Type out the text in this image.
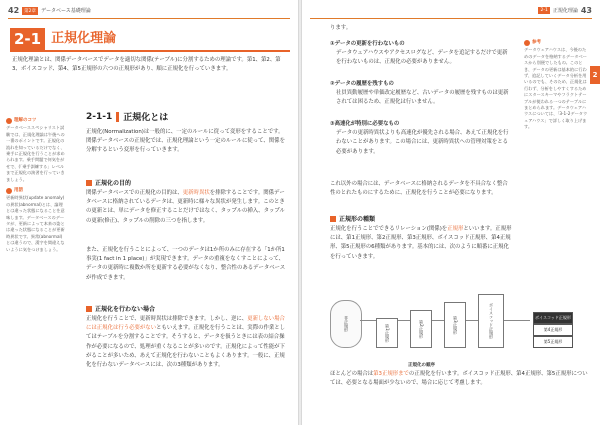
42	第2章	データベース基礎理論
2-1 正規化理論
正規化理論とは、関係データベースでデータを適切な関係(テーブル)に分割するための理論です。第1、第2、第3、ボイスコッド、第4、第5正規形の六つの正規形があり、順に正規化を行っていきます。
理解のコツ
データベーススペシャリスト試験では、正規化理論は午後への一番のポイントです。正規化の流れを知っているだけでなく、乗手に正規化を行うことが求められます。乗手問題で何気をがせで、(「乗手訓練する」レベルまで正規化の演習を行っていきましょう。
用語
更新時異状(update anomaly)の異状(abnormal)とは、論理とは違った状態になることを意味します。データベースのデータが、更新によって本来の姿とは違った状態になることが更新時異状です。異常(abnormal)とは違うので、漢字を間違えないように気をつけましょう。
2-1-1 正規化とは
正規化(Normalization)は一般的に、一定のルールに従って変形をすることです。関係データベースの正規化では、正規化理論という一定のルールに従って、関係を分解するという変形を行っていきます。
正規化の目的
関係データベースでの正規化の目的は、更新時異状を排除することです。関係データベースに格納されているデータは、更新時に様々な異状が発生します。このときの更新とは、単にデータを修正することだけではなく、タップルの挿入、タップルの更新(修正)、タップルの削除の三つを指します。
また、正規化を行うことによって、一つのデータは1か所のみに存在する「1か所1事実(1 fact in 1 place)」が実現できます。データの重複をなくすことによって、データの更新時に複数か所を更新する必要がなくなり、整合性のあるデータベースが作成できます。
正規化を行わない場合
正規化を行うことで、更新時異状は排除できます。しかし、逆に、更新しない場合には正規化は行う必要がないともいえます。正規化を行うことは、実際の作業としてはテーブルを分割することです。そうすると、データを扱うときには表の結合操作が必要になるので、処理が重くなることが多いのです。正規化によって性能が下がることが多いため、あえて正規化を行わないこともよくあります。一般に、正規化を行わないデータベースには、次の3種類があります。
2-1	正規化理論 43
2
ります。
①データの更新を行わないもの
データウェアハウスやアクセスログなど、データを追記するだけで更新を行わないものは、正規化の必要がありません。
②データの履歴を残すもの
社員異動履歴や単価改定履歴など、古いデータの履歴を残すものは更新されては困るため、正規化は行いません。
③高速化が特別に必要なもの
データの更新時異状よりも高速化が優先される場合、あえて正規化を行わないことがあります。この場合には、更新時異状への管理対策をとる必要があります。
これ以外の場合には、データベースに格納されるデータを不具合なく整合性のとれたものにするために、正規化を行うことが必要になります。
正規形の種類
正規化を行うことでできるリレーション(関係)を正規形といいます。正規形には、第1正規形、第2正規形、第3正規形、ボイスコッド正規形、第4正規形、第5正規形の6種類があります。基本的には、次のように順番に正規化を行っていきます。
参考
データウェアハウスは、今後のためのデータを格納するデータベースから別便でしたもの。このとき、データの更新は基本的に行わず、追記していくデータ分析を用いるのでも、そのため、正規化は行わず、分析をしやすくするためにスタースキーマやフラクトテーブルが使われる一つのテーブルにまとめられます。データウェアハウスについては、「3-1-2データウェアハウス」で詳しく取り上げます。
ほとんどの場合は第3正規形までの正規化を行います。ボイスコッド正規形、第4正規形、第5正規形については、必要となる場面が少ないので、場合に応じて考慮します。
非正規形	第1正規形	第2正規形	第3正規形	ボイスコッド正規形	ボイスコッド正規形
第4正規形
第5正規形
正規化の順序
